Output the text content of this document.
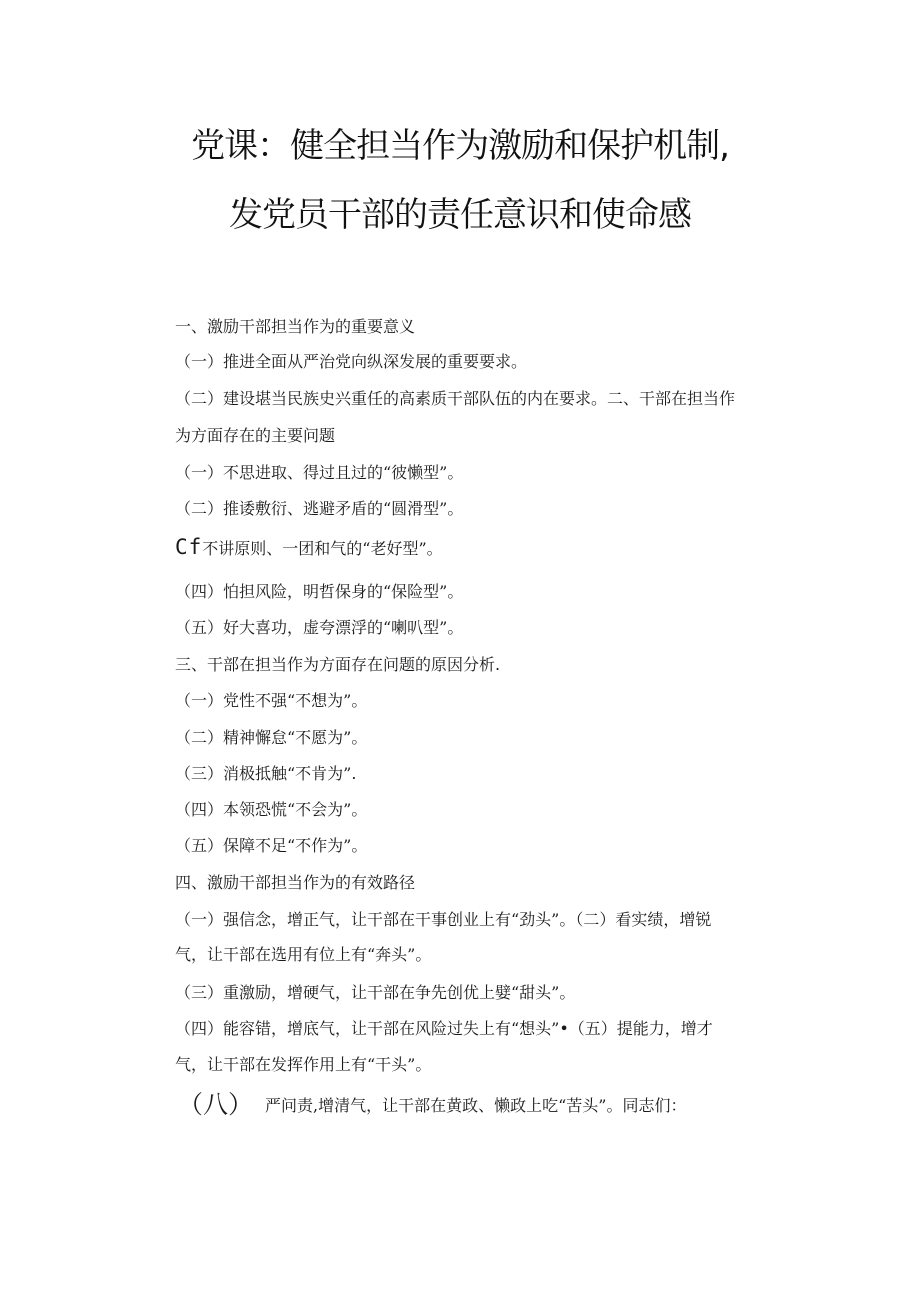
党课：健全担当作为激励和保护机制,
发党员干部的责任意识和使命感
一、激励干部担当作为的重要意义
（一）推进全面从严治党向纵深发展的重要要求。
（二）建设堪当民族史兴重任的高素质干部队伍的内在要求。二、干部在担当作
为方面存在的主要问题
（一）不思进取、得过且过的“彼懒型”。
（二）推诿敷衍、逃避矛盾的“圆滑型”。
Cf不讲原则、一团和气的“老好型”。
（四）怕担风险，明哲保身的“保险型”。
（五）好大喜功，虚夸漂浮的“喇叭型”。
三、干部在担当作为方面存在问题的原因分析.
（一）党性不强“不想为”。
（二）精神懈怠“不愿为”。
（三）消极抵触“不肯为”.
（四）本领恐慌“不会为”。
（五）保障不足“不作为”。
四、激励干部担当作为的有效路径
（一）强信念，增正气，让干部在干事创业上有“劲头”。（二）看实绩，增锐
气，让干部在选用有位上有“奔头”。
（三）重激励，增硬气，让干部在争先创优上嬖“甜头”。
（四）能容错，增底气，让干部在风险过失上有“想头”•（五）提能力，增才
气，让干部在发挥作用上有“干头”。
（八） 严问责,增清气，让干部在黄政、懒政上吃“苦头”。同志们：
